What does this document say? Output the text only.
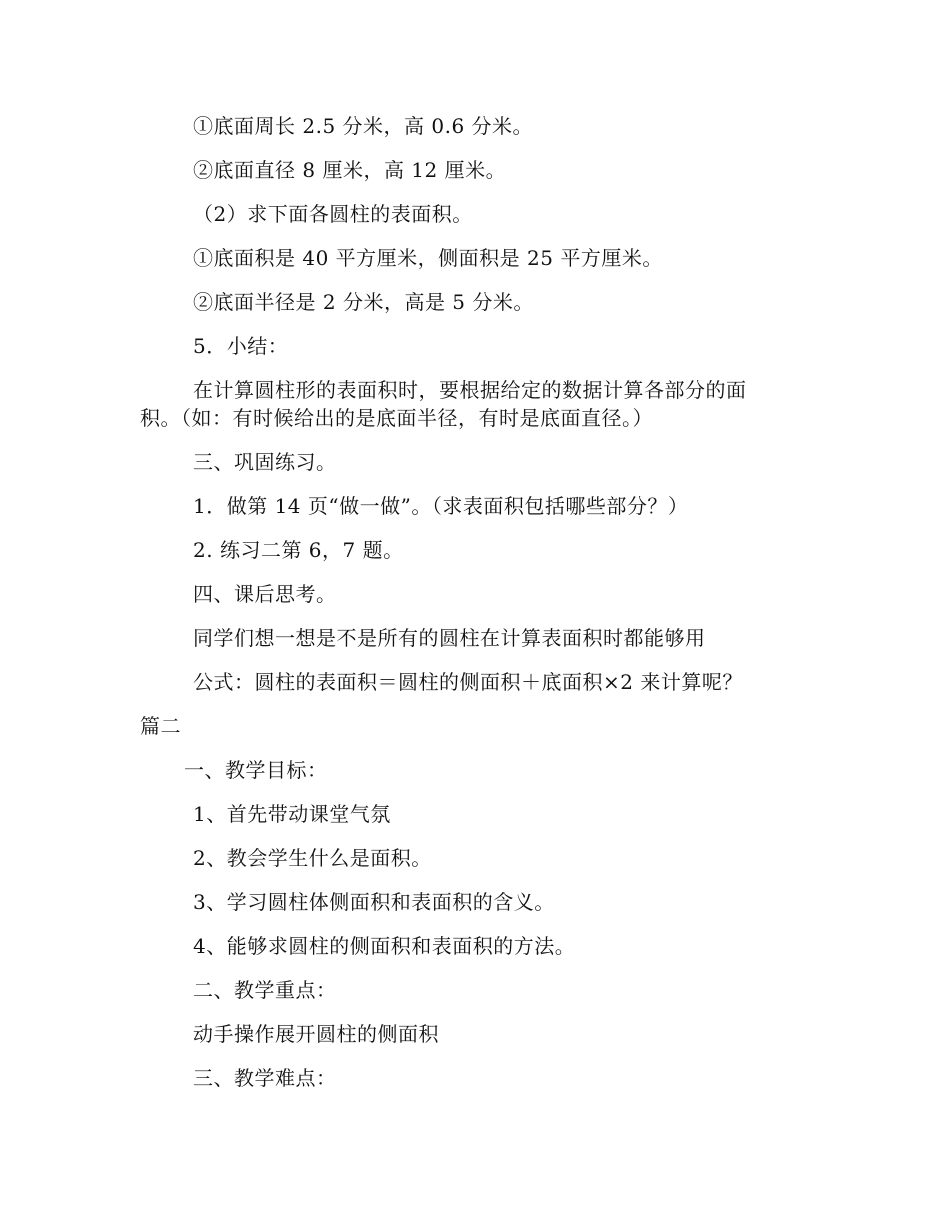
①底面周长 2.5 分米，高 0.6 分米。
②底面直径 8 厘米，高 12 厘米。
（2）求下面各圆柱的表面积。
①底面积是 40 平方厘米，侧面积是 25 平方厘米。
②底面半径是 2 分米，高是 5 分米。
5．小结：
在计算圆柱形的表面积时，要根据给定的数据计算各部分的面
积。（如：有时候给出的是底面半径，有时是底面直径。）
三、巩固练习。
1．做第 14 页“做一做”。（求表面积包括哪些部分？）
2. 练习二第 6，7 题。
四、课后思考。
同学们想一想是不是所有的圆柱在计算表面积时都能够用
公式：圆柱的表面积＝圆柱的侧面积＋底面积×2 来计算呢？
篇二
一、教学目标：
1、首先带动课堂气氛
2、教会学生什么是面积。
3、学习圆柱体侧面积和表面积的含义。
4、能够求圆柱的侧面积和表面积的方法。
二、教学重点：
动手操作展开圆柱的侧面积
三、教学难点：
